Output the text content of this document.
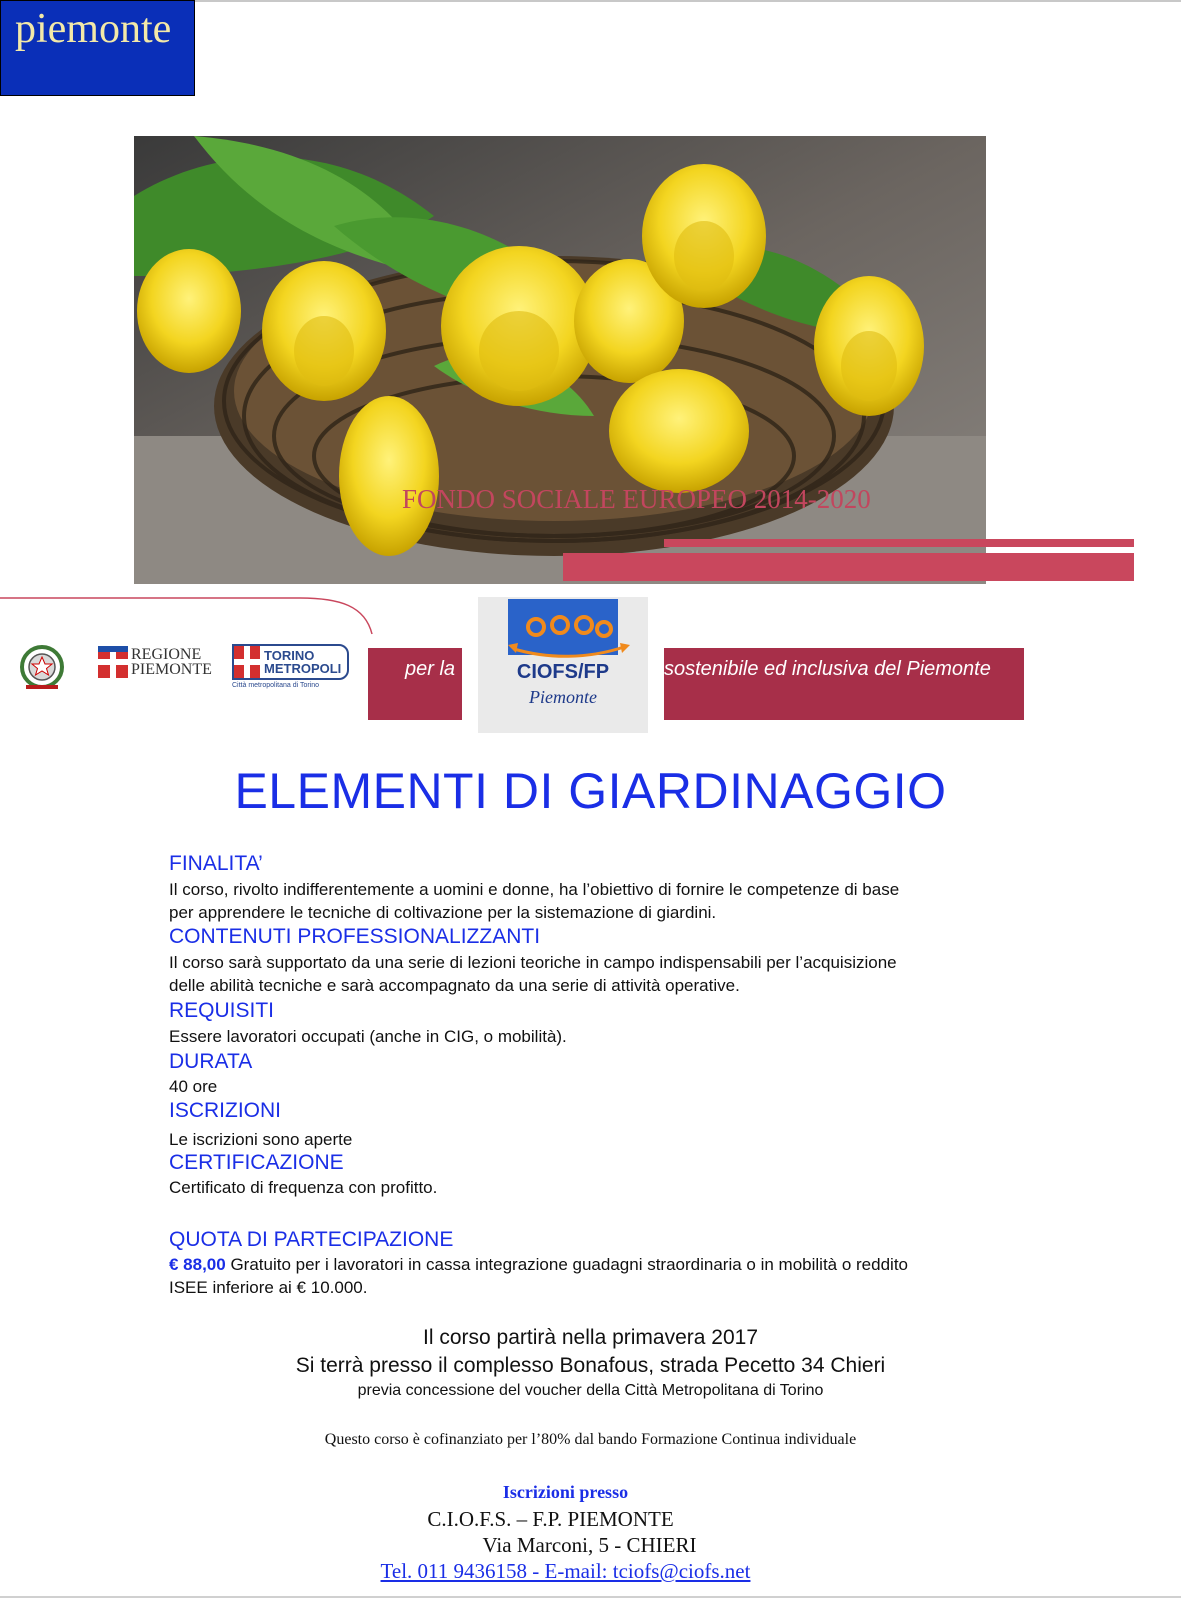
piemonte
FONDO SOCIALE EUROPEO 2014-2020
REGIONE
PIEMONTE
TORINO
METROPOLI
Città metropolitana di Torino
per la	sostenibile ed inclusiva del Piemonte
CIOFS/FP
Piemonte
ELEMENTI DI GIARDINAGGIO
FINALITA’
Il corso, rivolto indifferentemente a uomini e donne, ha l’obiettivo di fornire le competenze di base
per apprendere le tecniche di coltivazione per la sistemazione di giardini.
CONTENUTI PROFESSIONALIZZANTI
Il corso sarà supportato da una serie di lezioni teoriche in campo indispensabili per l’acquisizione
delle abilità tecniche e sarà accompagnato da una serie di attività operative.
REQUISITI
Essere lavoratori occupati (anche in CIG, o mobilità).
DURATA
40 ore
ISCRIZIONI
Le iscrizioni sono aperte
CERTIFICAZIONE
Certificato di frequenza con profitto.
QUOTA DI PARTECIPAZIONE
€ 88,00 Gratuito per i lavoratori in cassa integrazione guadagni straordinaria o in mobilità o reddito
ISEE inferiore ai € 10.000.
Il corso partirà nella primavera 2017
Si terrà presso il complesso Bonafous, strada Pecetto 34 Chieri
previa concessione del voucher della Città Metropolitana di Torino
Questo corso è cofinanziato per l’80% dal bando Formazione Continua individuale
Iscrizioni presso
C.I.O.F.S. – F.P. PIEMONTE
Via Marconi, 5 - CHIERI
Tel. 011 9436158 - E-mail: tciofs@ciofs.net
